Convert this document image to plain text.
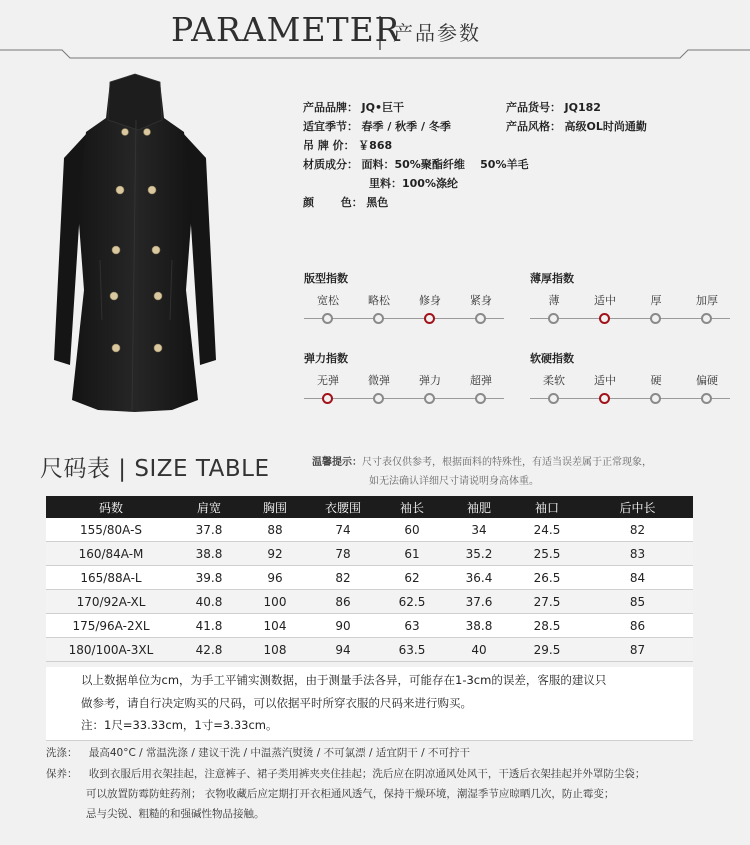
PARAMETER
产品参数
产品品牌： JQ•巨干	产品货号： JQ182
适宜季节： 春季 / 秋季 / 冬季	产品风格： 高级OL时尚通勤
吊 牌 价： ￥868
材质成分： 面料：50%聚酯纤维    50%羊毛
里料：100%涤纶
颜       色： 黑色
版型指数
宽松	略松	修身	紧身
薄厚指数
薄	适中	厚	加厚
弹力指数
无弹	微弹	弹力	超弹
软硬指数
柔软	适中	硬	偏硬
尺码表 | SIZE TABLE	温馨提示：尺寸表仅供参考，根据面料的特殊性，有适当误差属于正常现象，
如无法确认详细尺寸请说明身高体重。
码数	肩宽	胸围	衣腰围	袖长	袖肥	袖口	后中长
155/80A-S	37.8	88	74	60	34	24.5	82
160/84A-M	38.8	92	78	61	35.2	25.5	83
165/88A-L	39.8	96	82	62	36.4	26.5	84
170/92A-XL	40.8	100	86	62.5	37.6	27.5	85
175/96A-2XL	41.8	104	90	63	38.8	28.5	86
180/100A-3XL	42.8	108	94	63.5	40	29.5	87
以上数据单位为cm，为手工平铺实测数据，由于测量手法各异，可能存在1-3cm的误差，客服的建议只
做参考，请自行决定购买的尺码，可以依据平时所穿衣服的尺码来进行购买。
注：1尺=33.33cm，1寸=3.33cm。
洗涤： 最高40°C / 常温洗涤 / 建议干洗 / 中温蒸汽熨烫 / 不可氯漂 / 适宜阴干 / 不可拧干
保养： 收到衣服后用衣架挂起，注意裤子、裙子类用裤夹夹住挂起；洗后应在阴凉通风处风干，干透后衣架挂起并外罩防尘袋；
可以放置防霉防蛀药剂； 衣物收藏后应定期打开衣柜通风透气，保持干燥环境，潮湿季节应晾晒几次，防止霉变；
忌与尖锐、粗糙的和强碱性物品接触。
